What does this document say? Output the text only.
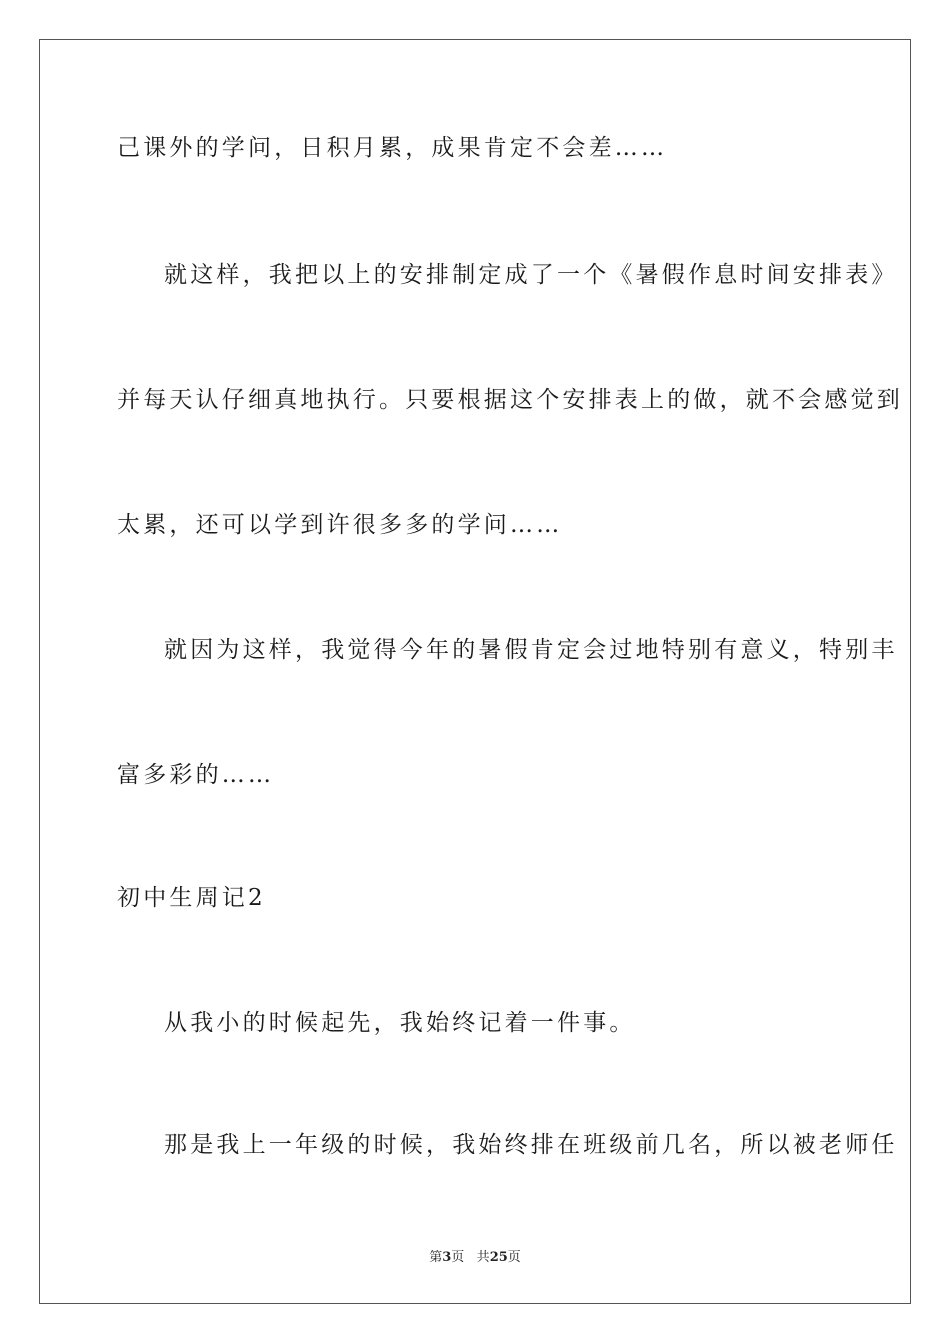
己课外的学问，日积月累，成果肯定不会差……
就这样，我把以上的安排制定成了一个《暑假作息时间安排表》
并每天认仔细真地执行。只要根据这个安排表上的做，就不会感觉到
太累，还可以学到许很多多的学问……
就因为这样，我觉得今年的暑假肯定会过地特别有意义，特别丰
富多彩的……
初中生周记2
从我小的时候起先，我始终记着一件事。
那是我上一年级的时候，我始终排在班级前几名，所以被老师任
第3页 共25页
